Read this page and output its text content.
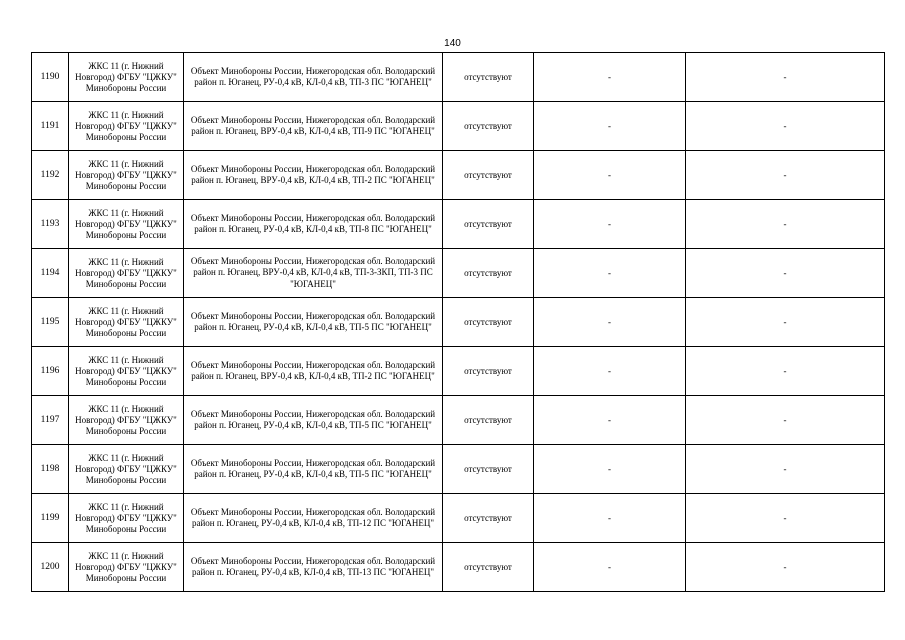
140
1190	ЖКС 11 (г. Нижний Новгород) ФГБУ "ЦЖКУ" Минобороны России	Объект Минобороны России, Нижегородская обл. Володарский район п. Юганец, РУ-0,4 кВ, КЛ-0,4 кВ, ТП-3 ПС "ЮГАНЕЦ"	отсутствуют	-	-
1191	ЖКС 11 (г. Нижний Новгород) ФГБУ "ЦЖКУ" Минобороны России	Объект Минобороны России, Нижегородская обл. Володарский район п. Юганец, ВРУ-0,4 кВ, КЛ-0,4 кВ, ТП-9 ПС "ЮГАНЕЦ"	отсутствуют	-	-
1192	ЖКС 11 (г. Нижний Новгород) ФГБУ "ЦЖКУ" Минобороны России	Объект Минобороны России, Нижегородская обл. Володарский район п. Юганец, ВРУ-0,4 кВ, КЛ-0,4 кВ, ТП-2 ПС "ЮГАНЕЦ"	отсутствуют	-	-
1193	ЖКС 11 (г. Нижний Новгород) ФГБУ "ЦЖКУ" Минобороны России	Объект Минобороны России, Нижегородская обл. Володарский район п. Юганец, РУ-0,4 кВ, КЛ-0,4 кВ, ТП-8 ПС "ЮГАНЕЦ"	отсутствуют	-	-
1194	ЖКС 11 (г. Нижний Новгород) ФГБУ "ЦЖКУ" Минобороны России	Объект Минобороны России, Нижегородская обл. Володарский район п. Юганец, ВРУ-0,4 кВ, КЛ-0,4 кВ, ТП-3-ЗКП, ТП-3 ПС "ЮГАНЕЦ"	отсутствуют	-	-
1195	ЖКС 11 (г. Нижний Новгород) ФГБУ "ЦЖКУ" Минобороны России	Объект Минобороны России, Нижегородская обл. Володарский район п. Юганец, РУ-0,4 кВ, КЛ-0,4 кВ, ТП-5 ПС "ЮГАНЕЦ"	отсутствуют	-	-
1196	ЖКС 11 (г. Нижний Новгород) ФГБУ "ЦЖКУ" Минобороны России	Объект Минобороны России, Нижегородская обл. Володарский район п. Юганец, ВРУ-0,4 кВ, КЛ-0,4 кВ, ТП-2 ПС "ЮГАНЕЦ"	отсутствуют	-	-
1197	ЖКС 11 (г. Нижний Новгород) ФГБУ "ЦЖКУ" Минобороны России	Объект Минобороны России, Нижегородская обл. Володарский район п. Юганец, РУ-0,4 кВ, КЛ-0,4 кВ, ТП-5 ПС "ЮГАНЕЦ"	отсутствуют	-	-
1198	ЖКС 11 (г. Нижний Новгород) ФГБУ "ЦЖКУ" Минобороны России	Объект Минобороны России, Нижегородская обл. Володарский район п. Юганец, РУ-0,4 кВ, КЛ-0,4 кВ, ТП-5 ПС "ЮГАНЕЦ"	отсутствуют	-	-
1199	ЖКС 11 (г. Нижний Новгород) ФГБУ "ЦЖКУ" Минобороны России	Объект Минобороны России, Нижегородская обл. Володарский район п. Юганец, РУ-0,4 кВ, КЛ-0,4 кВ, ТП-12 ПС "ЮГАНЕЦ"	отсутствуют	-	-
1200	ЖКС 11 (г. Нижний Новгород) ФГБУ "ЦЖКУ" Минобороны России	Объект Минобороны России, Нижегородская обл. Володарский район п. Юганец, РУ-0,4 кВ, КЛ-0,4 кВ, ТП-13 ПС "ЮГАНЕЦ"	отсутствуют	-	-
